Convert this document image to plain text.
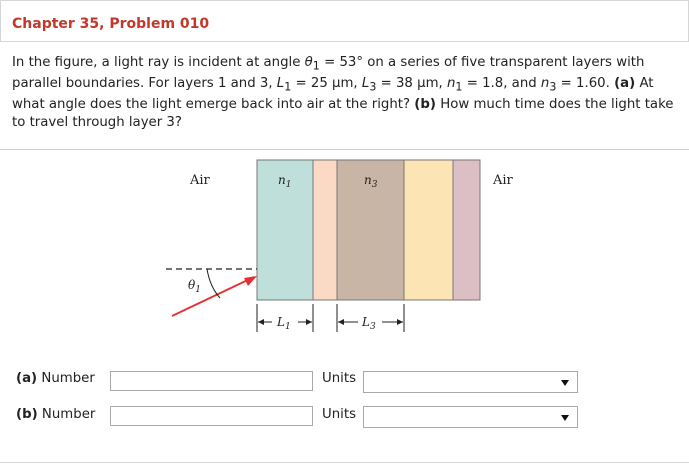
Chapter 35, Problem 010
In the figure, a light ray is incident at angle $\theta_1 = 53^\circ$ on a series of five transparent layers with parallel boundaries. For layers 1 and 3, $L_1 = 25$ μm, $L_3 = 38$ μm, $n_1 = 1.8$, and $n_3 = 1.60$. (a) At what angle does the light emerge back into air at the right? (b) How much time does the light take to travel through layer 3?
Air	Air
$n_1$	$n_3$
$\theta_1$
$L_1$	$L_3$
(a) Number	Units
(b) Number	Units
